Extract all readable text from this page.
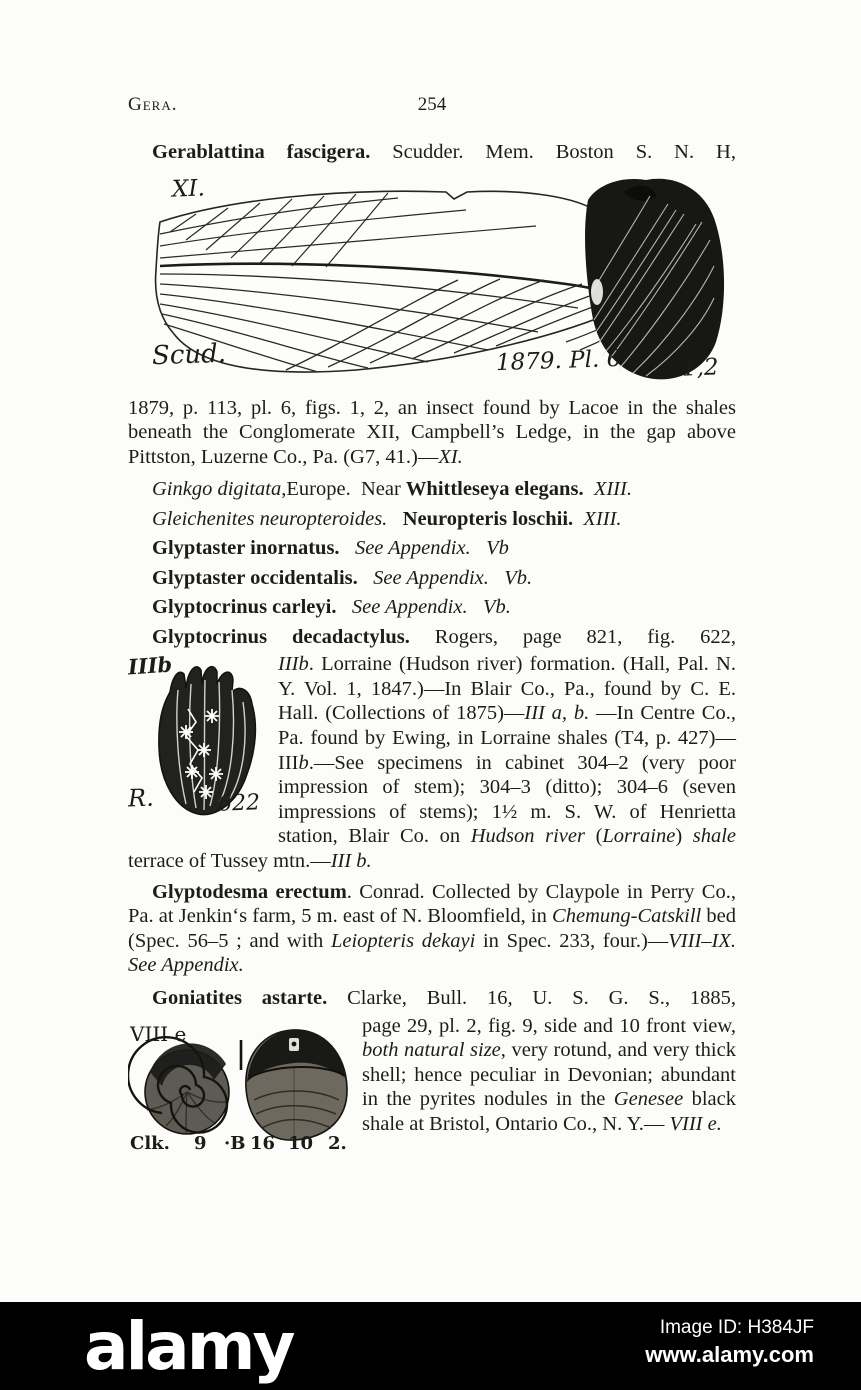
Gera.	254

Gerablattina fascigera. Scudder. Mem. Boston S. N. H,

XI.
Scud.	1879. Pl. 6	1,2

1879, p. 113, pl. 6, figs. 1, 2, an insect found by Lacoe in the shales beneath the Conglomerate XII, Campbell’s Ledge, in the gap above Pittston, Luzerne Co., Pa. (G7, 41.)—XI.

Ginkgo digitata,Europe.  Near Whittleseya elegans. XIII.

Gleichenites neuropteroides. Neuropteris loschii. XIII.

Glyptaster inornatus. See Appendix. Vb

Glyptaster occidentalis. See Appendix. Vb.

Glyptocrinus carleyi. See Appendix. Vb.

Glyptocrinus decadactylus. Rogers, page 821, fig. 622,

IIIb
R.	622
IIIb. Lorraine (Hudson river) formation. (Hall, Pal. N. Y. Vol. 1, 1847.)—In Blair Co., Pa., found by C. E. Hall. (Collections of 1875)—III a, b. —In Centre Co., Pa. found by Ewing, in Lorraine shales (T4, p. 427)—IIIb.—See specimens in cabinet 304–2 (very poor impression of stem); 304–3 (ditto); 304–6 (seven impressions of stems); 1½ m. S. W. of Henrietta station, Blair Co. on Hudson river (Lorraine) shale terrace of Tussey mtn.—III b.

Glyptodesma erectum. Conrad. Collected by Claypole in Perry Co., Pa. at Jenkin‘s farm, 5 m. east of N. Bloomfield, in Chemung-Catskill bed (Spec. 56–5 ; and with Leiopteris dekayi in Spec. 233, four.)—VIII–IX. See Appendix.

Goniatites astarte. Clarke, Bull. 16, U. S. G. S., 1885,

VIII e
Clk. 9 ·B 16 10 2.
page 29, pl. 2, fig. 9, side and 10 front view, both natural size, very rotund, and very thick shell; hence peculiar in Devonian; abundant in the pyrites nodules in the Genesee black shale at Bristol, Ontario Co., N. Y.— VIII e.
alamy	Image ID: H384JF
www.alamy.com
